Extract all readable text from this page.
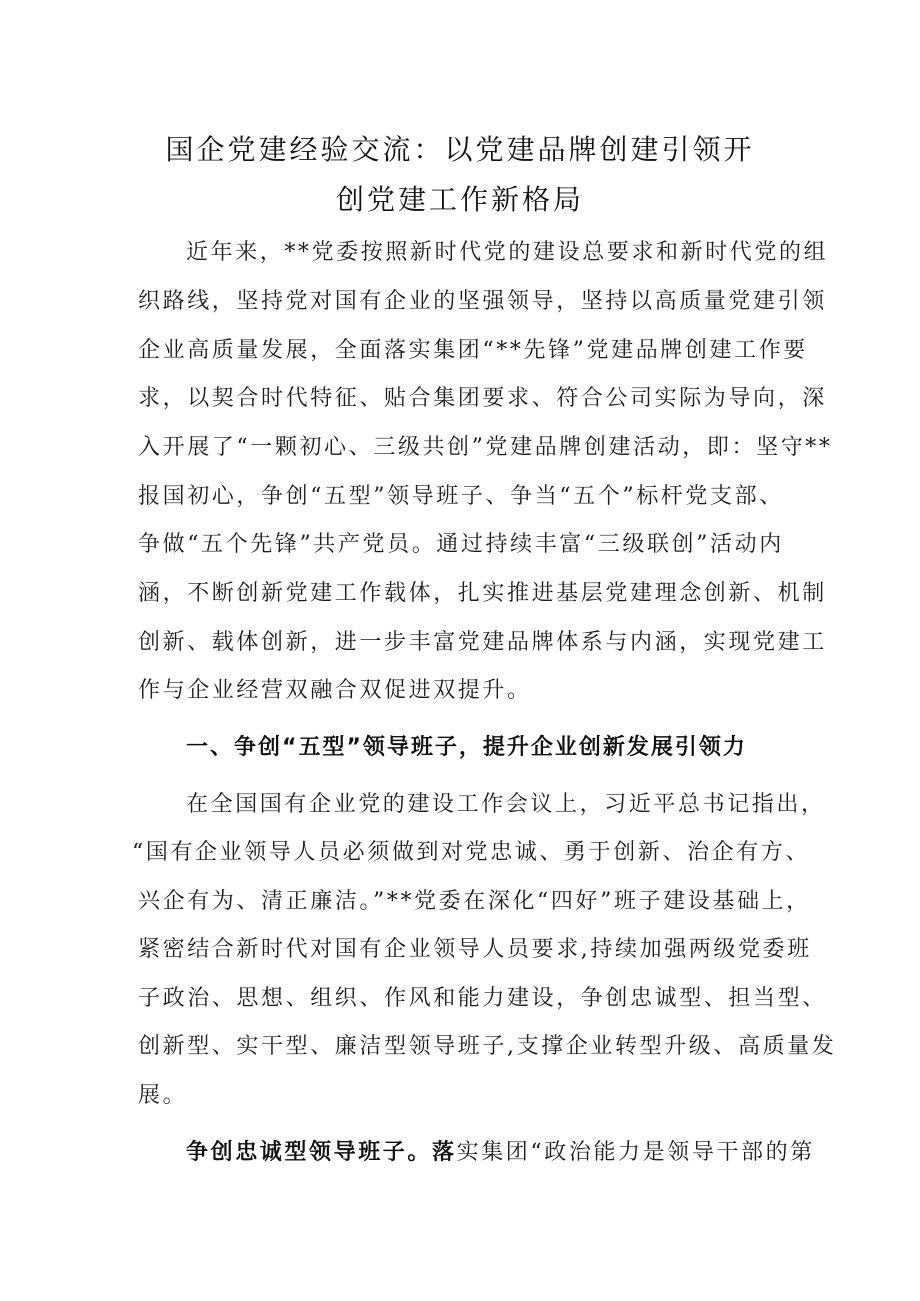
国企党建经验交流：以党建品牌创建引领开
创党建工作新格局
近年来，**党委按照新时代党的建设总要求和新时代党的组
织路线，坚持党对国有企业的坚强领导，坚持以高质量党建引领
企业高质量发展，全面落实集团“**先锋”党建品牌创建工作要
求，以契合时代特征、贴合集团要求、符合公司实际为导向，深
入开展了“一颗初心、三级共创”党建品牌创建活动，即：坚守**
报国初心，争创“五型”领导班子、争当“五个”标杆党支部、
争做“五个先锋”共产党员。通过持续丰富“三级联创”活动内
涵，不断创新党建工作载体，扎实推进基层党建理念创新、机制
创新、载体创新，进一步丰富党建品牌体系与内涵，实现党建工
作与企业经营双融合双促进双提升。
一、争创“五型”领导班子，提升企业创新发展引领力
在全国国有企业党的建设工作会议上，习近平总书记指出，
“国有企业领导人员必须做到对党忠诚、勇于创新、治企有方、
兴企有为、清正廉洁。”**党委在深化“四好”班子建设基础上，
紧密结合新时代对国有企业领导人员要求,持续加强两级党委班
子政治、思想、组织、作风和能力建设，争创忠诚型、担当型、
创新型、实干型、廉洁型领导班子,支撑企业转型升级、高质量发
展。
争创忠诚型领导班子。落实集团“政治能力是领导干部的第
